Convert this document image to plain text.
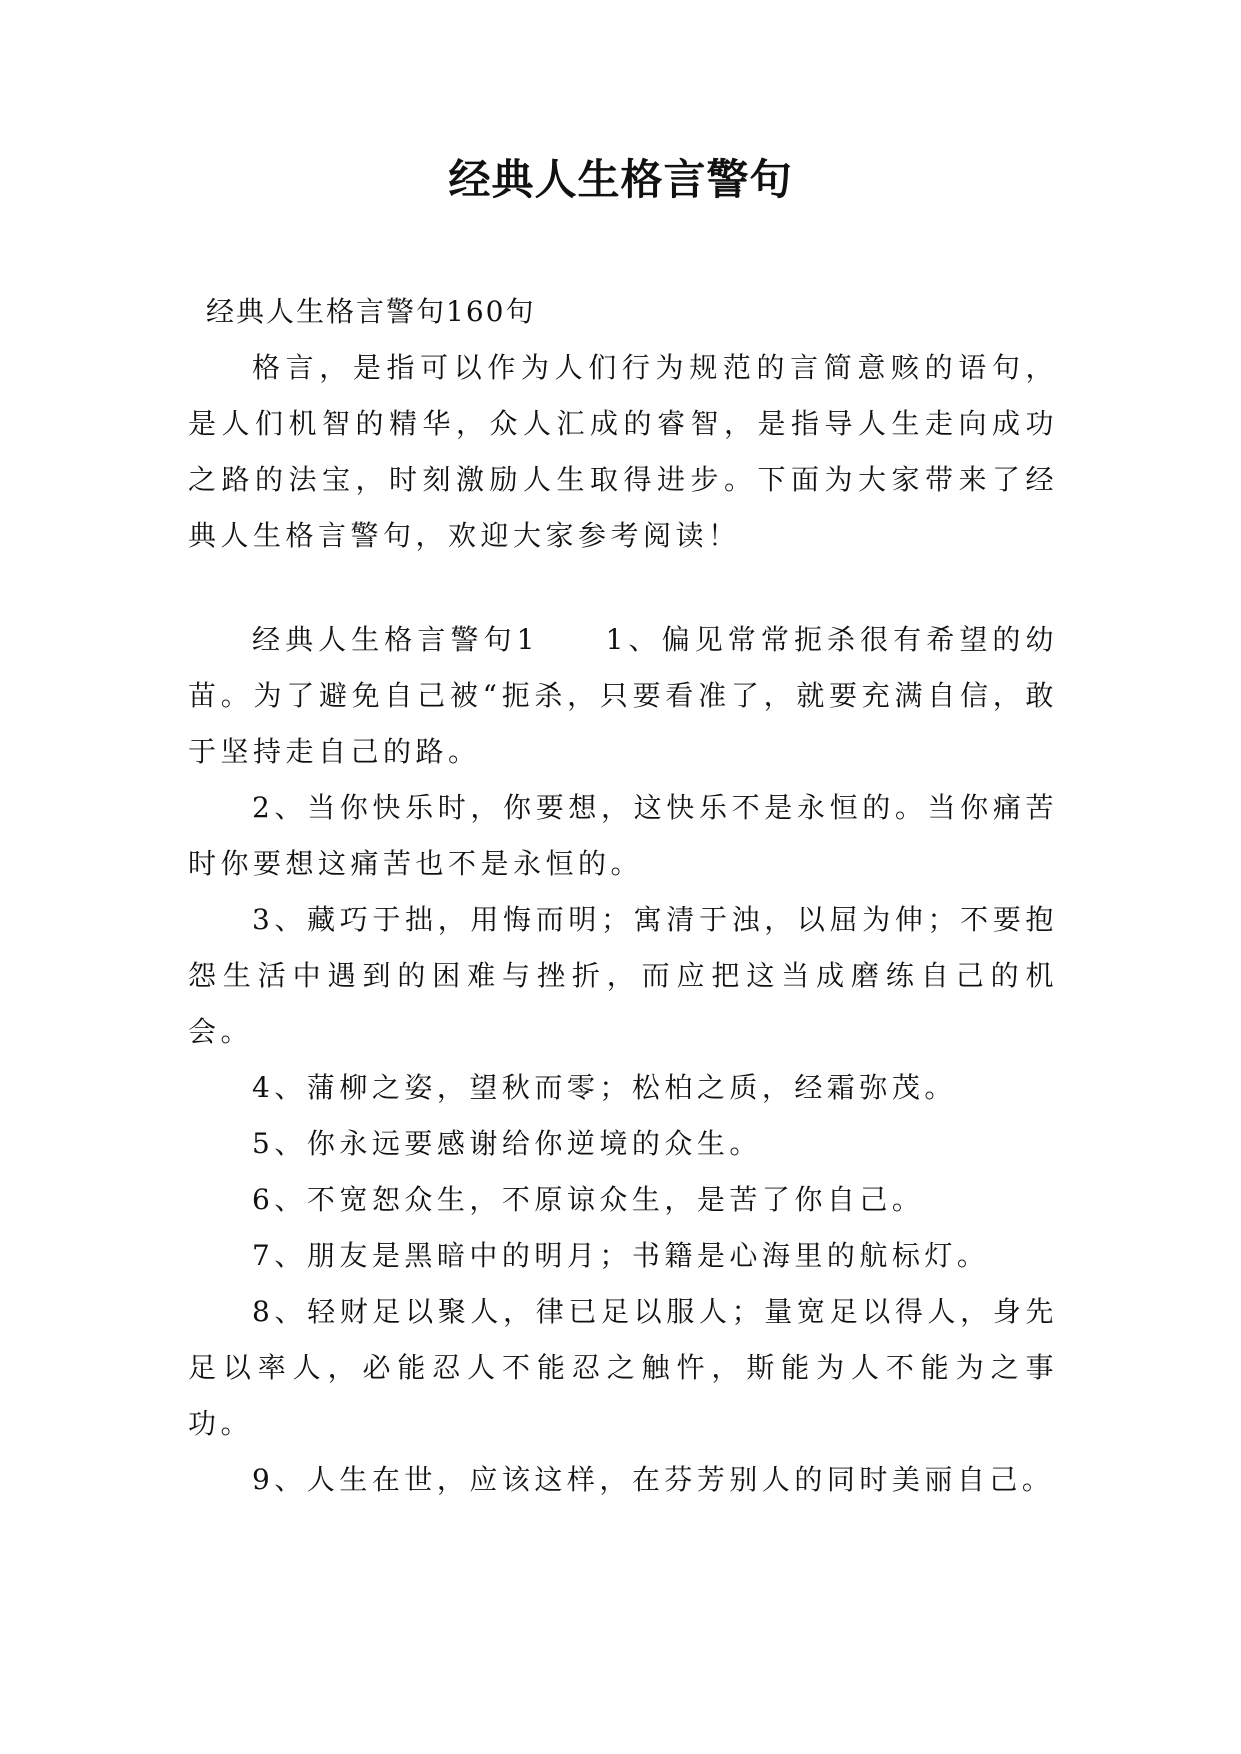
经典人生格言警句

经典人生格言警句160句

格言，是指可以作为人们行为规范的言简意赅的语句，是人们机智的精华，众人汇成的睿智，是指导人生走向成功之路的法宝，时刻激励人生取得进步。下面为大家带来了经典人生格言警句，欢迎大家参考阅读！

经典人生格言警句1　　1、偏见常常扼杀很有希望的幼苗。为了避免自己被“扼杀，只要看准了，就要充满自信，敢于坚持走自己的路。

2、当你快乐时，你要想，这快乐不是永恒的。当你痛苦时你要想这痛苦也不是永恒的。

3、藏巧于拙，用悔而明；寓清于浊，以屈为伸；不要抱怨生活中遇到的困难与挫折，而应把这当成磨练自己的机会。

4、蒲柳之姿，望秋而零；松柏之质，经霜弥茂。

5、你永远要感谢给你逆境的众生。

6、不宽恕众生，不原谅众生，是苦了你自己。

7、朋友是黑暗中的明月；书籍是心海里的航标灯。

8、轻财足以聚人，律已足以服人；量宽足以得人，身先足以率人，必能忍人不能忍之触忤，斯能为人不能为之事功。

9、人生在世，应该这样，在芬芳别人的同时美丽自己。
